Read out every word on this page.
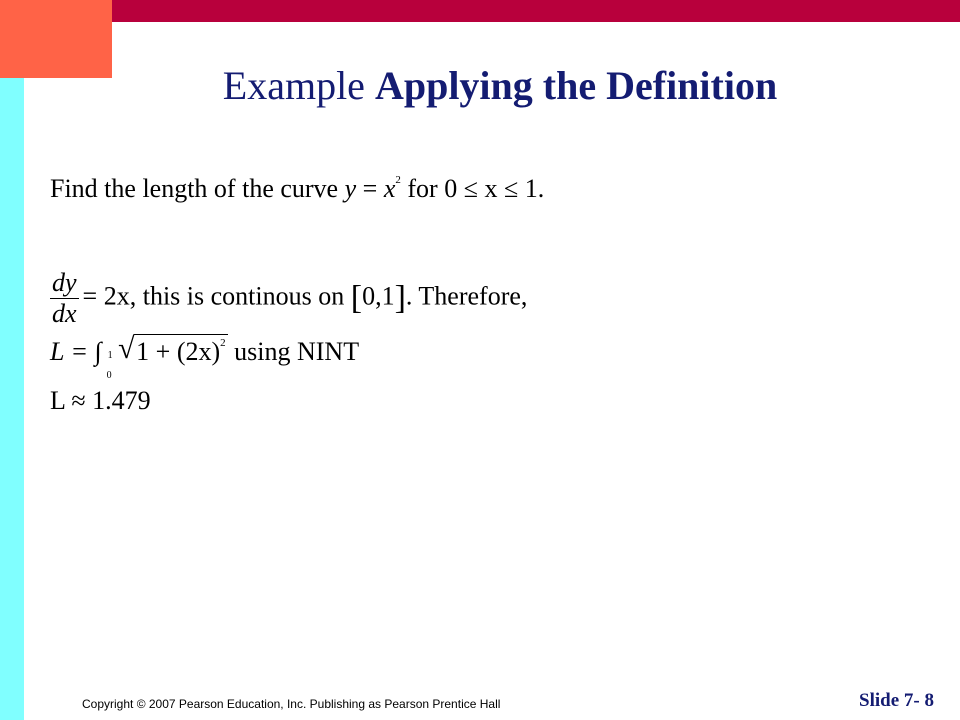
Example Applying the Definition
Find the length of the curve $y = x^2$ for 0 ≤ x ≤ 1.
$\frac{dy}{dx} = 2x$, this is continous on [0,1]. Therefore,
L = ∫ 1
0

√ $1 + (2x)^2$ using NINT
L ≈ 1.479
Copyright © 2007 Pearson Education, Inc. Publishing as Pearson Prentice Hall	Slide 7- 8
